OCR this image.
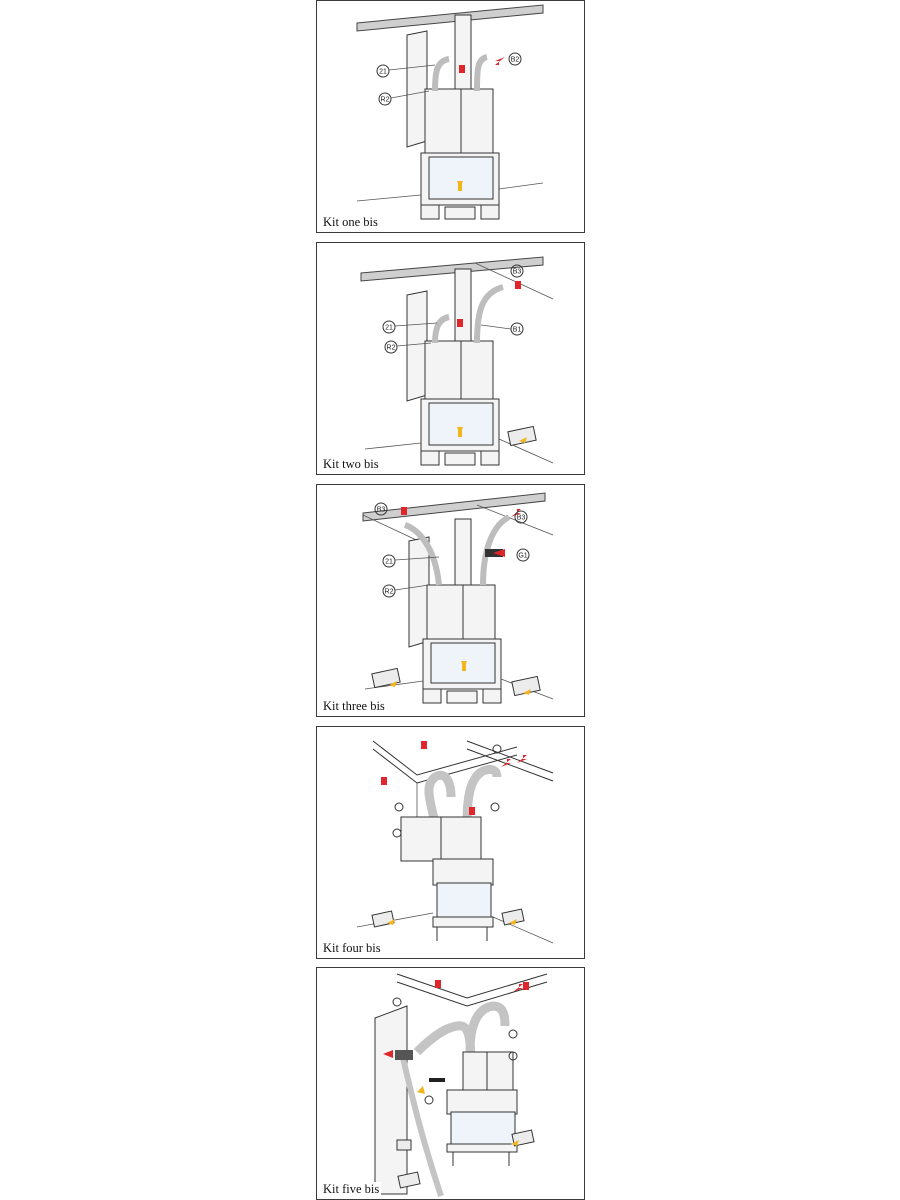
21
R2
B2
Kit one bis
B3
21
R2
B1
Kit two bis
B3
B3
21
G1
R2
Kit three bis
Kit four bis
Kit five bis
